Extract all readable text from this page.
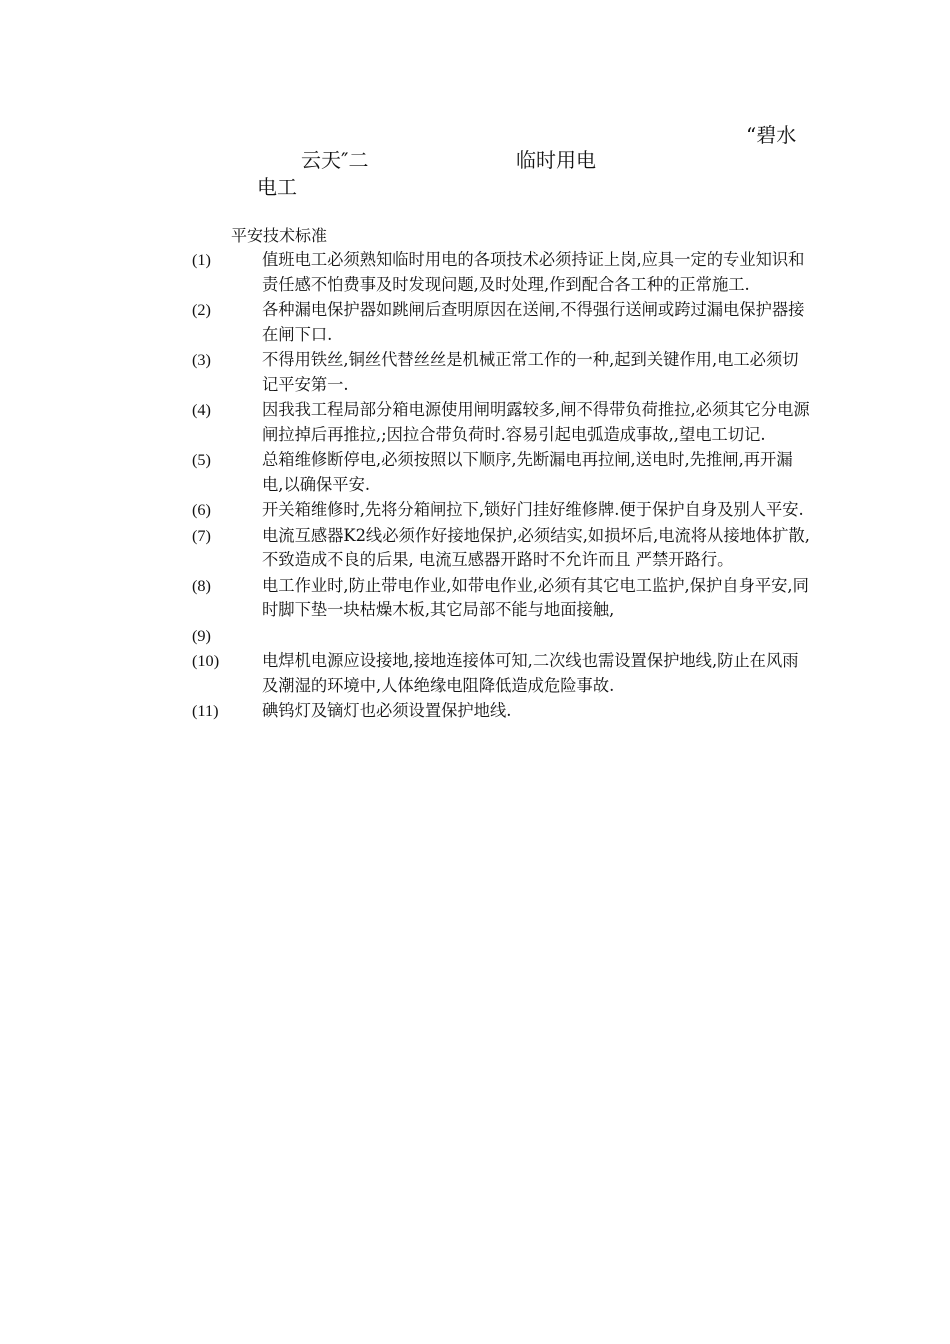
“碧水
云天″二	临时用电
电工
平安技术标准
(1)	值班电工必须熟知临时用电的各项技术必须持证上岗,应具一定的专业知识和责任感不怕费事及时发现问题,及时处理,作到配合各工种的正常施工.
(2)	各种漏电保护器如跳闸后查明原因在送闸,不得强行送闸或跨过漏电保护器接在闸下口.
(3)	不得用铁丝,铜丝代替丝丝是机械正常工作的一种,起到关键作用,电工必须切记平安第一.
(4)	因我我工程局部分箱电源使用闸明露较多,闸不得带负荷推拉,必须其它分电源闸拉掉后再推拉,;因拉合带负荷时.容易引起电弧造成事故,,望电工切记.
(5)	总箱维修断停电,必须按照以下顺序,先断漏电再拉闸,送电时,先推闸,再开漏电,以确保平安.
(6)	开关箱维修时,先将分箱闸拉下,锁好门挂好维修牌.便于保护自身及别人平安.
(7)	电流互感器K2线必须作好接地保护,必须结实,如损坏后,电流将从接地体扩散,不致造成不良的后果, 电流互感器开路时不允许而且 严禁开路行。
(8)	电工作业时,防止带电作业,如带电作业,必须有其它电工监护,保护自身平安,同时脚下垫一块枯燥木板,其它局部不能与地面接触,
(9)
(10)	电焊机电源应设接地,接地连接体可知,二次线也需设置保护地线,防止在风雨及潮湿的环境中,人体绝缘电阻降低造成危险事故.
(11)	碘钨灯及镝灯也必须设置保护地线.
